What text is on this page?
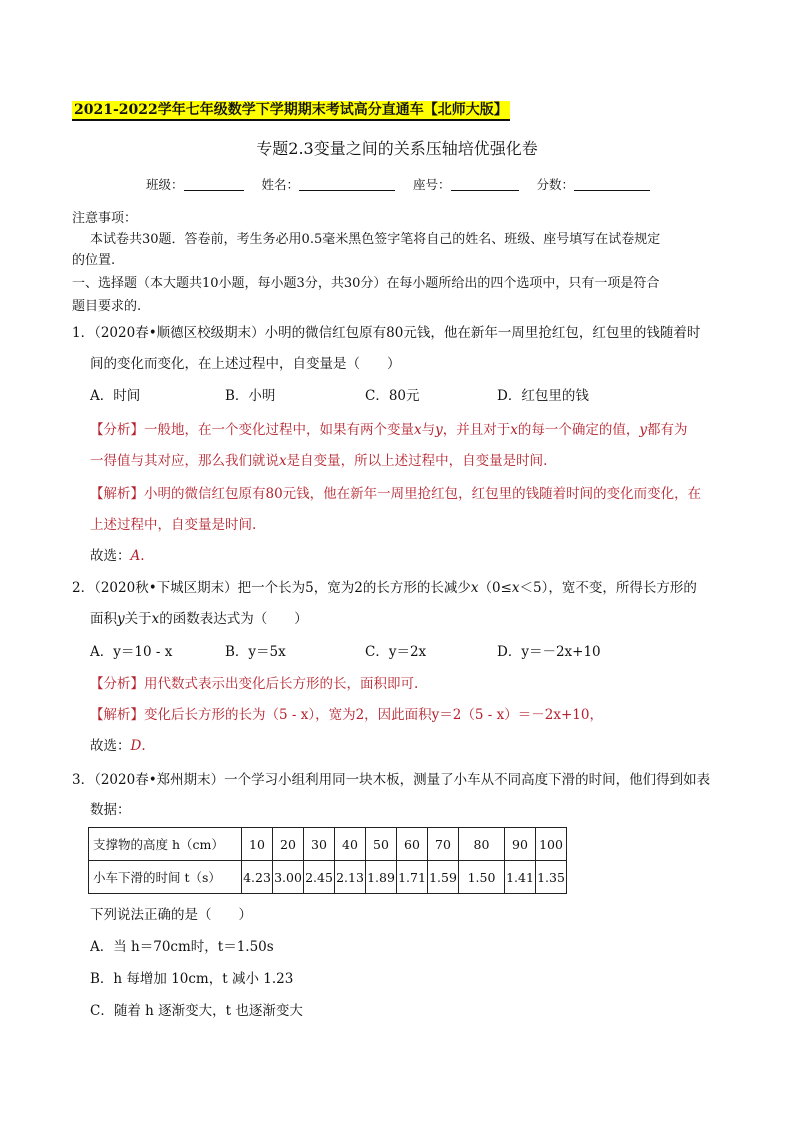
2021-2022学年七年级数学下学期期末考试高分直通车【北师大版】
专题2.3变量之间的关系压轴培优强化卷
班级：	姓名：	座号：	分数：
注意事项：
本试卷共30题．答卷前，考生务必用0.5毫米黑色签字笔将自己的姓名、班级、座号填写在试卷规定
的位置.
一、选择题（本大题共10小题，每小题3分，共30分）在每小题所给出的四个选项中，只有一项是符合
题目要求的.
1．（2020春•顺德区校级期末）小明的微信红包原有80元钱，他在新年一周里抢红包，红包里的钱随着时
间的变化而变化，在上述过程中，自变量是（　　）
A．时间	B．小明	C．80元	D．红包里的钱
【分析】一般地，在一个变化过程中，如果有两个变量x与y，并且对于x的每一个确定的值，y都有为
一得值与其对应，那么我们就说x是自变量，所以上述过程中，自变量是时间.
【解析】小明的微信红包原有80元钱，他在新年一周里抢红包，红包里的钱随着时间的变化而变化，在
上述过程中，自变量是时间.
故选：A.
2．（2020秋•下城区期末）把一个长为5，宽为2的长方形的长减少x（0≤x＜5），宽不变，所得长方形的
面积y关于x的函数表达式为（　　）
A．y＝10 - x	B．y＝5x	C．y＝2x	D．y＝－2x+10
【分析】用代数式表示出变化后长方形的长，面积即可.
【解析】变化后长方形的长为（5 - x），宽为2，因此面积y＝2（5 - x）＝－2x+10，
故选：D.
3．（2020春•郑州期末）一个学习小组利用同一块木板，测量了小车从不同高度下滑的时间，他们得到如表
数据：
支撑物的高度 h（cm）	10	20	30	40	50	60	70	80	90	100
小车下滑的时间 t（s）	4.23	3.00	2.45	2.13	1.89	1.71	1.59	1.50	1.41	1.35
下列说法正确的是（　　）
A．当 h＝70cm时，t＝1.50s
B．h 每增加 10cm，t 减小 1.23
C．随着 h 逐渐变大，t 也逐渐变大
